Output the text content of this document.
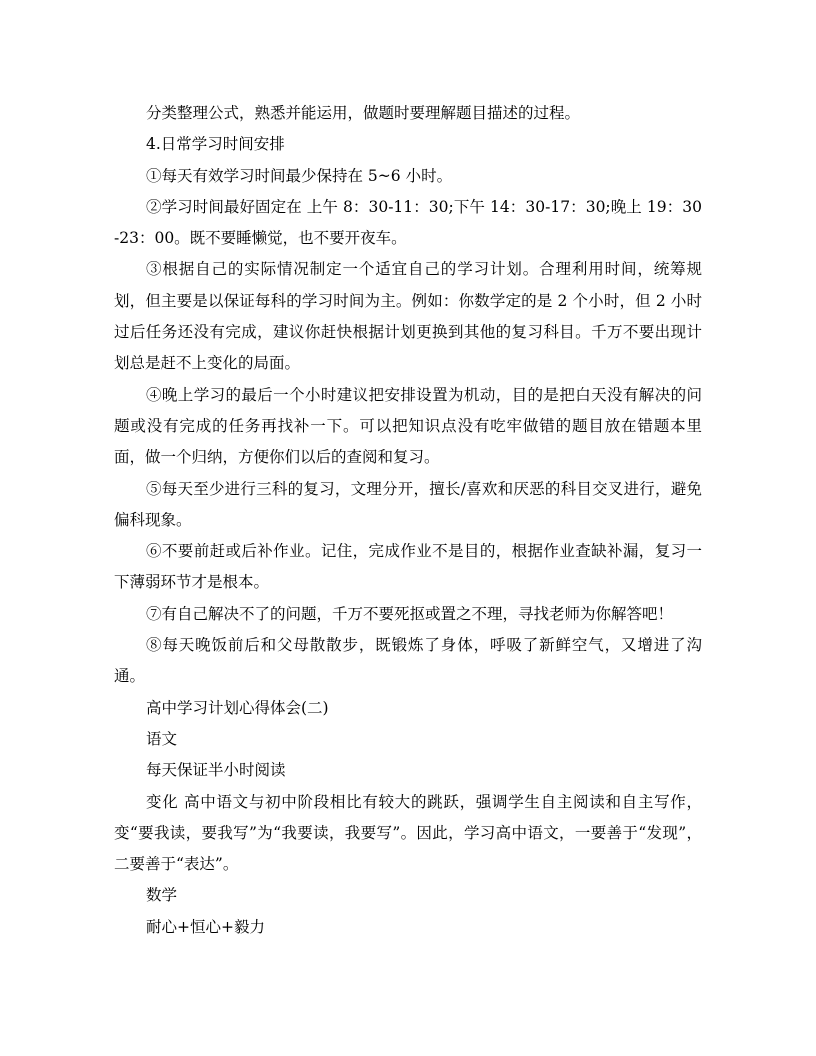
分类整理公式，熟悉并能运用，做题时要理解题目描述的过程。

4.日常学习时间安排

①每天有效学习时间最少保持在 5~6 小时。

②学习时间最好固定在 上午 8：30-11：30;下午 14：30-17：30;晚上 19：30-23：00。既不要睡懒觉，也不要开夜车。

③根据自己的实际情况制定一个适宜自己的学习计划。合理利用时间，统筹规划，但主要是以保证每科的学习时间为主。例如：你数学定的是 2 个小时，但 2 小时过后任务还没有完成，建议你赶快根据计划更换到其他的复习科目。千万不要出现计划总是赶不上变化的局面。

④晚上学习的最后一个小时建议把安排设置为机动，目的是把白天没有解决的问题或没有完成的任务再找补一下。可以把知识点没有吃牢做错的题目放在错题本里面，做一个归纳，方便你们以后的查阅和复习。

⑤每天至少进行三科的复习，文理分开，擅长/喜欢和厌恶的科目交叉进行，避免偏科现象。

⑥不要前赶或后补作业。记住，完成作业不是目的，根据作业查缺补漏，复习一下薄弱环节才是根本。

⑦有自己解决不了的问题，千万不要死抠或置之不理，寻找老师为你解答吧！

⑧每天晚饭前后和父母散散步，既锻炼了身体，呼吸了新鲜空气，又增进了沟通。

高中学习计划心得体会(二)

语文

每天保证半小时阅读

变化 高中语文与初中阶段相比有较大的跳跃，强调学生自主阅读和自主写作，变“要我读，要我写”为“我要读，我要写”。因此，学习高中语文，一要善于“发现”，二要善于“表达”。

数学

耐心+恒心+毅力
